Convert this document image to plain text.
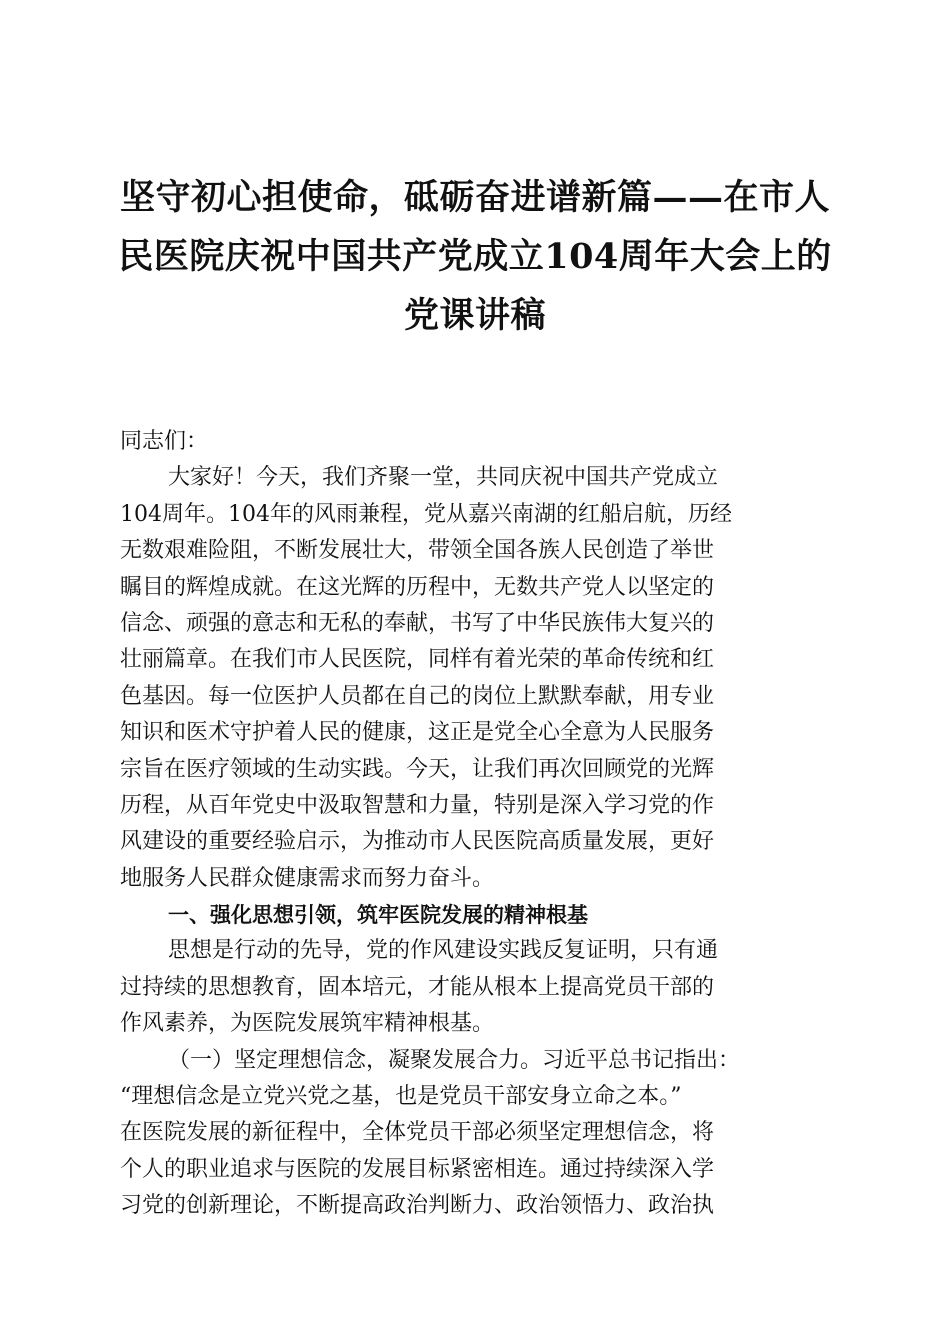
坚守初心担使命，砥砺奋进谱新篇——在市人
民医院庆祝中国共产党成立104周年大会上的
党课讲稿
同志们：
大家好！今天，我们齐聚一堂，共同庆祝中国共产党成立
104周年。104年的风雨兼程，党从嘉兴南湖的红船启航，历经
无数艰难险阻，不断发展壮大，带领全国各族人民创造了举世
瞩目的辉煌成就。在这光辉的历程中，无数共产党人以坚定的
信念、顽强的意志和无私的奉献，书写了中华民族伟大复兴的
壮丽篇章。在我们市人民医院，同样有着光荣的革命传统和红
色基因。每一位医护人员都在自己的岗位上默默奉献，用专业
知识和医术守护着人民的健康，这正是党全心全意为人民服务
宗旨在医疗领域的生动实践。今天，让我们再次回顾党的光辉
历程，从百年党史中汲取智慧和力量，特别是深入学习党的作
风建设的重要经验启示，为推动市人民医院高质量发展，更好
地服务人民群众健康需求而努力奋斗。
一、强化思想引领，筑牢医院发展的精神根基
思想是行动的先导，党的作风建设实践反复证明，只有通
过持续的思想教育，固本培元，才能从根本上提高党员干部的
作风素养，为医院发展筑牢精神根基。
（一）坚定理想信念，凝聚发展合力。习近平总书记指出：
“理想信念是立党兴党之基，也是党员干部安身立命之本。”
在医院发展的新征程中，全体党员干部必须坚定理想信念，将
个人的职业追求与医院的发展目标紧密相连。通过持续深入学
习党的创新理论，不断提高政治判断力、政治领悟力、政治执
